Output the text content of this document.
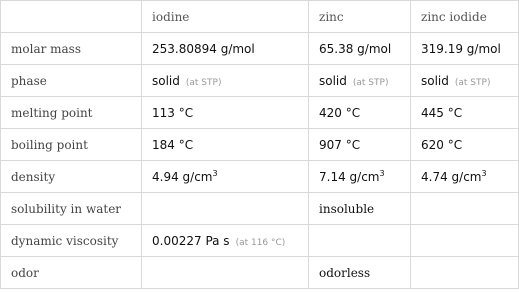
	iodine	zinc	zinc iodide
molar mass	253.80894 g/mol	65.38 g/mol	319.19 g/mol
phase	solid (at STP)	solid (at STP)	solid (at STP)
melting point	113 °C	420 °C	445 °C
boiling point	184 °C	907 °C	620 °C
density	4.94 $g/cm^3$	7.14 $g/cm^3$	4.74 $g/cm^3$
solubility in water		insoluble	
dynamic viscosity	0.00227 Pa s (at 116 °C)		
odor		odorless	
